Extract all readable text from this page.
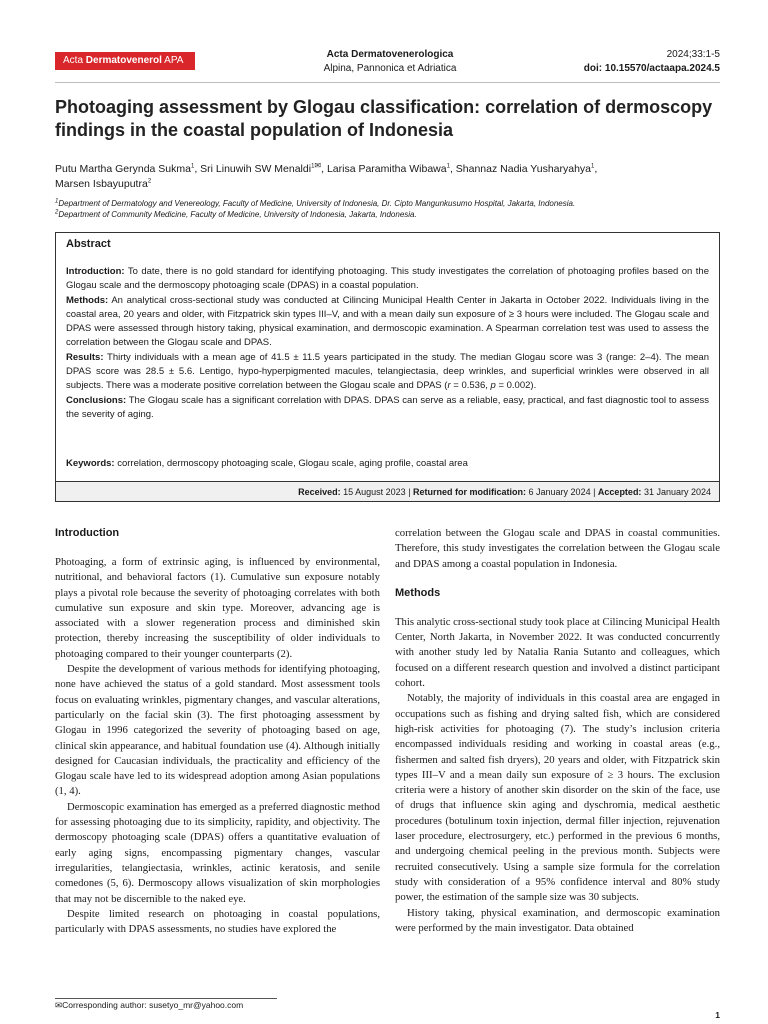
Acta Dermatovenerol APA
Acta Dermatovenerologica
Alpina, Pannonica et Adriatica
2024;33:1-5
doi: 10.15570/actaapa.2024.5
Photoaging assessment by Glogau classification: correlation of dermoscopy findings in the coastal population of Indonesia
Putu Martha Gerynda Sukma$^1$, Sri Linuwih SW Menaldi$^1$✉, Larisa Paramitha Wibawa$^1$, Shannaz Nadia Yusharyahya$^1$,
Marsen Isbayuputra$^2$
$^1$Department of Dermatology and Venereology, Faculty of Medicine, University of Indonesia, Dr. Cipto Mangunkusumo Hospital, Jakarta, Indonesia.
$^2$Department of Community Medicine, Faculty of Medicine, University of Indonesia, Jakarta, Indonesia.
Abstract

Introduction: To date, there is no gold standard for identifying photoaging. This study investigates the correlation of photoaging profiles based on the Glogau scale and the dermoscopy photoaging scale (DPAS) in a coastal population.

Methods: An analytical cross-sectional study was conducted at Cilincing Municipal Health Center in Jakarta in October 2022. Individuals living in the coastal area, 20 years and older, with Fitzpatrick skin types III–V, and with a mean daily sun exposure of ≥ 3 hours were included. The Glogau scale and DPAS were assessed through history taking, physical examination, and dermoscopic examination. A Spearman correlation test was used to assess the correlation between the Glogau scale and DPAS.

Results: Thirty individuals with a mean age of 41.5 ± 11.5 years participated in the study. The median Glogau score was 3 (range: 2–4). The mean DPAS score was 28.5 ± 5.6. Lentigo, hypo-hyperpigmented macules, telangiectasia, deep wrinkles, and superficial wrinkles were observed in all subjects. There was a moderate positive correlation between the Glogau scale and DPAS (r = 0.536, p = 0.002).

Conclusions: The Glogau scale has a significant correlation with DPAS. DPAS can serve as a reliable, easy, practical, and fast diagnostic tool to assess the severity of aging.

Keywords: correlation, dermoscopy photoaging scale, Glogau scale, aging profile, coastal area
Received: 15 August 2023 | Returned for modification: 6 January 2024 | Accepted: 31 January 2024
Introduction

Photoaging, a form of extrinsic aging, is influenced by environmental, nutritional, and behavioral factors (1). Cumulative sun exposure notably plays a pivotal role because the severity of photoaging correlates with both cumulative sun exposure and skin type. Moreover, advancing age is associated with a slower regeneration process and diminished skin protection, thereby increasing the susceptibility of older individuals to photoaging compared to their younger counterparts (2).

Despite the development of various methods for identifying photoaging, none have achieved the status of a gold standard. Most assessment tools focus on evaluating wrinkles, pigmentary changes, and vascular alterations, particularly on the facial skin (3). The first photoaging assessment by Glogau in 1996 categorized the severity of photoaging based on age, clinical skin appearance, and habitual foundation use (4). Although initially designed for Caucasian individuals, the practicality and efficiency of the Glogau scale have led to its widespread adoption among Asian populations (1, 4).

Dermoscopic examination has emerged as a preferred diagnostic method for assessing photoaging due to its simplicity, rapidity, and objectivity. The dermoscopy photoaging scale (DPAS) offers a quantitative evaluation of early aging signs, encompassing pigmentary changes, vascular irregularities, telangiectasia, wrinkles, actinic keratosis, and senile comedones (5, 6). Dermoscopy allows visualization of skin morphologies that may not be discernible to the naked eye.

Despite limited research on photoaging in coastal populations, particularly with DPAS assessments, no studies have explored the

correlation between the Glogau scale and DPAS in coastal communities. Therefore, this study investigates the correlation between the Glogau scale and DPAS among a coastal population in Indonesia.

Methods

This analytic cross-sectional study took place at Cilincing Municipal Health Center, North Jakarta, in November 2022. It was conducted concurrently with another study led by Natalia Rania Sutanto and colleagues, which focused on a different research question and involved a distinct participant cohort.

Notably, the majority of individuals in this coastal area are engaged in occupations such as fishing and drying salted fish, which are considered high-risk activities for photoaging (7). The study’s inclusion criteria encompassed individuals residing and working in coastal areas (e.g., fishermen and salted fish dryers), 20 years and older, with Fitzpatrick skin types III–V and a mean daily sun exposure of ≥ 3 hours. The exclusion criteria were a history of another skin disorder on the skin of the face, use of drugs that influence skin aging and dyschromia, medical aesthetic procedures (botulinum toxin injection, dermal filler injection, rejuvenation laser procedure, electrosurgery, etc.) performed in the previous 6 months, and undergoing chemical peeling in the previous month. Subjects were recruited consecutively. Using a sample size formula for the correlation study with consideration of a 95% confidence interval and 80% study power, the estimation of the sample size was 30 subjects.

History taking, physical examination, and dermoscopic examination were performed by the main investigator. Data obtained

✉Corresponding author: susetyo_mr@yahoo.com
1
